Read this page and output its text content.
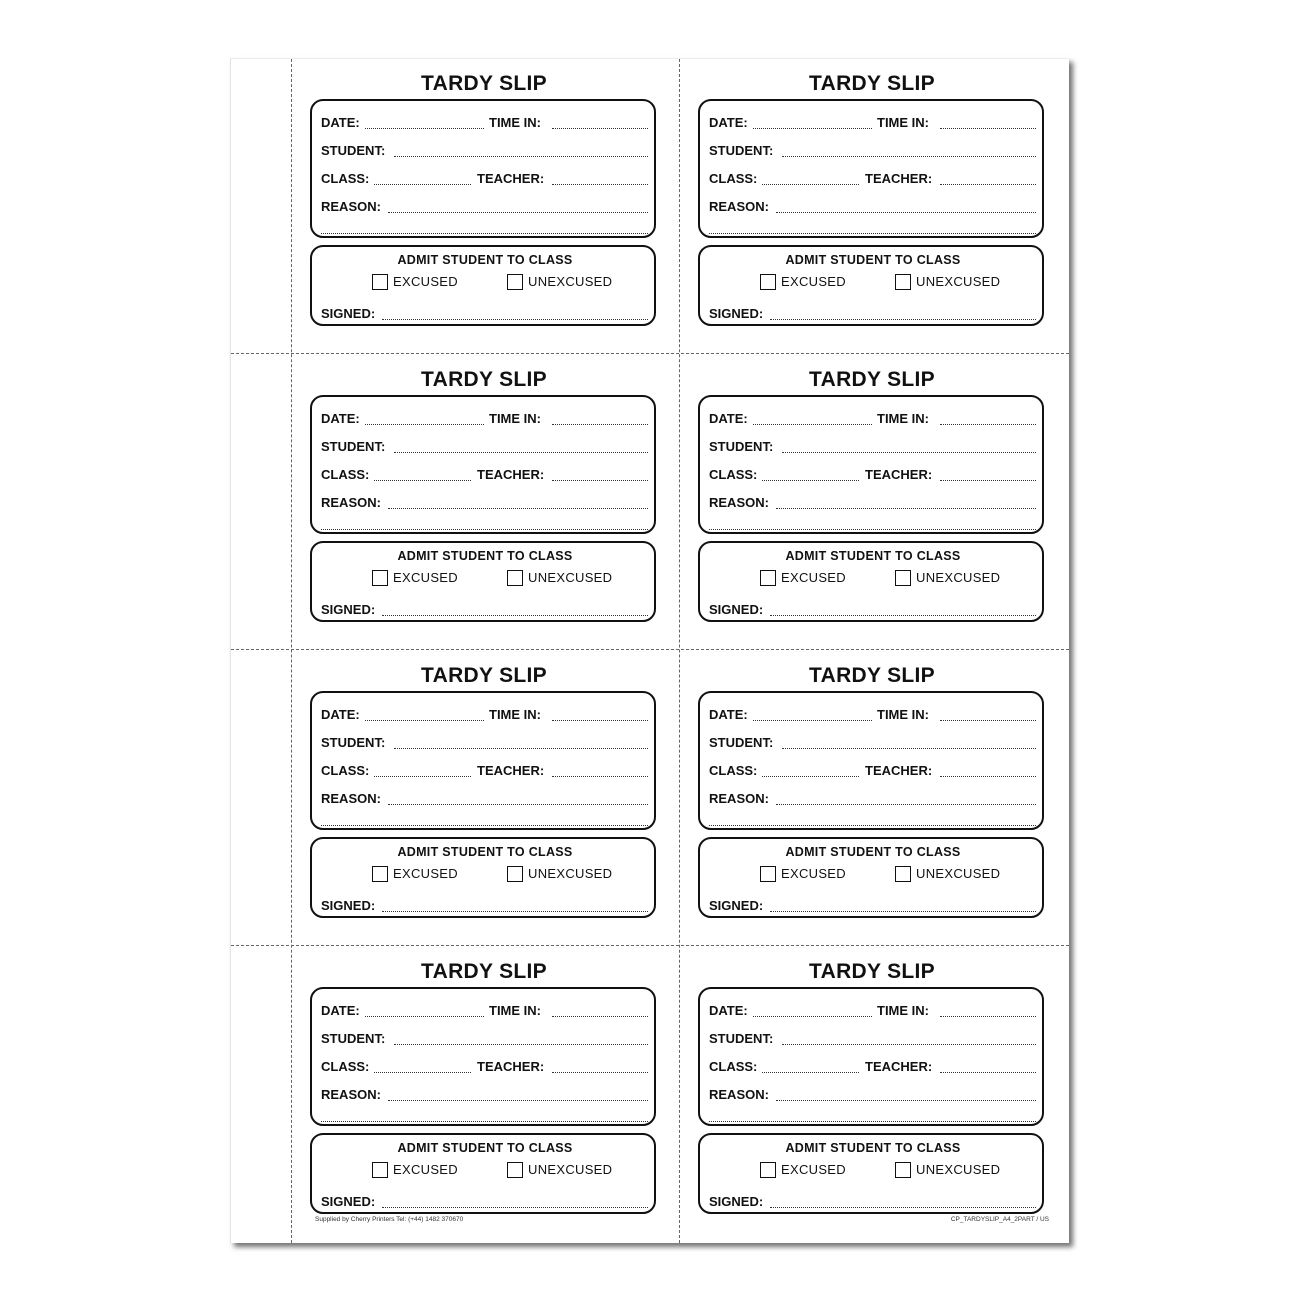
TARDY SLIP
DATE:	TIME IN:
STUDENT:
CLASS:	TEACHER:
REASON:
ADMIT STUDENT TO CLASS
EXCUSED	UNEXCUSED
SIGNED:
TARDY SLIP
DATE:	TIME IN:
STUDENT:
CLASS:	TEACHER:
REASON:
ADMIT STUDENT TO CLASS
EXCUSED	UNEXCUSED
SIGNED:
TARDY SLIP
DATE:	TIME IN:
STUDENT:
CLASS:	TEACHER:
REASON:
ADMIT STUDENT TO CLASS
EXCUSED	UNEXCUSED
SIGNED:
TARDY SLIP
DATE:	TIME IN:
STUDENT:
CLASS:	TEACHER:
REASON:
ADMIT STUDENT TO CLASS
EXCUSED	UNEXCUSED
SIGNED:
TARDY SLIP
DATE:	TIME IN:
STUDENT:
CLASS:	TEACHER:
REASON:
ADMIT STUDENT TO CLASS
EXCUSED	UNEXCUSED
SIGNED:
TARDY SLIP
DATE:	TIME IN:
STUDENT:
CLASS:	TEACHER:
REASON:
ADMIT STUDENT TO CLASS
EXCUSED	UNEXCUSED
SIGNED:
TARDY SLIP
DATE:	TIME IN:
STUDENT:
CLASS:	TEACHER:
REASON:
ADMIT STUDENT TO CLASS
EXCUSED	UNEXCUSED
SIGNED:
TARDY SLIP
DATE:	TIME IN:
STUDENT:
CLASS:	TEACHER:
REASON:
ADMIT STUDENT TO CLASS
EXCUSED	UNEXCUSED
SIGNED:
Supplied by Cherry Printers Tel: (+44) 1482 370670	CP_TARDYSLIP_A4_2PART / US
